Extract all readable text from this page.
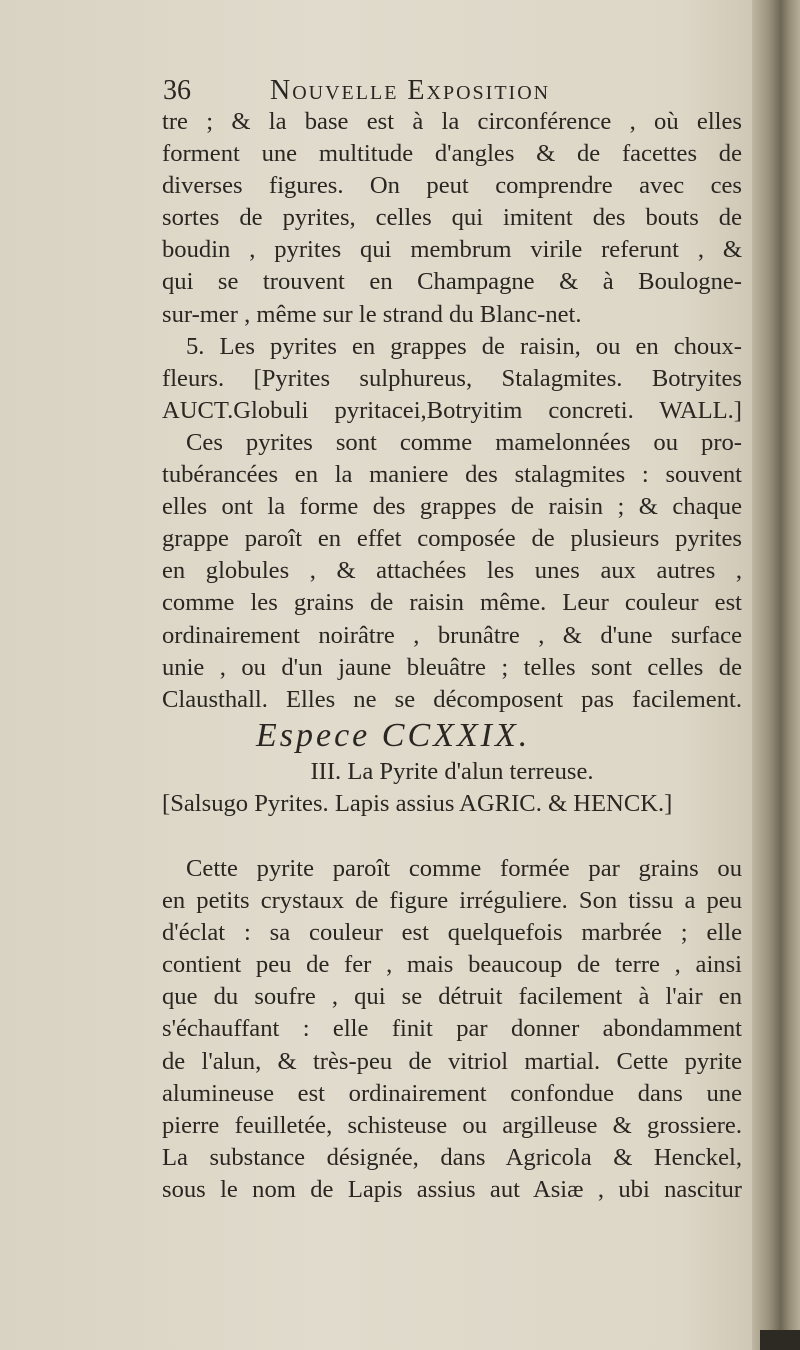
36	Nouvelle Exposition
tre ; & la base est à la circonférence , où elles
forment une multitude d'angles & de facettes de
diverses figures. On peut comprendre avec ces
sortes de pyrites, celles qui imitent des bouts de
boudin , pyrites qui membrum virile referunt , &
qui se trouvent en Champagne & à Boulogne-
sur-mer , même sur le strand du Blanc-net.
5. Les pyrites en grappes de raisin, ou en choux-
fleurs. [Pyrites sulphureus, Stalagmites. Botryites
AUCT.Globuli pyritacei,Botryitim concreti. WALL.]
Ces pyrites sont comme mamelonnées ou pro-
tubérancées en la maniere des stalagmites : souvent
elles ont la forme des grappes de raisin ; & chaque
grappe paroît en effet composée de plusieurs pyrites
en globules , & attachées les unes aux autres ,
comme les grains de raisin même. Leur couleur est
ordinairement noirâtre , brunâtre , & d'une surface
unie , ou d'un jaune bleuâtre ; telles sont celles de
Clausthall. Elles ne se décomposent pas facilement.
Espece CCXXIX.
III. La Pyrite d'alun terreuse.
[Salsugo Pyrites. Lapis assius AGRIC. & HENCK.]
Cette pyrite paroît comme formée par grains ou
en petits crystaux de figure irréguliere. Son tissu a peu
d'éclat : sa couleur est quelquefois marbrée ; elle
contient peu de fer , mais beaucoup de terre , ainsi
que du soufre , qui se détruit facilement à l'air en
s'échauffant : elle finit par donner abondamment
de l'alun, & très-peu de vitriol martial. Cette pyrite
alumineuse est ordinairement confondue dans une
pierre feuilletée, schisteuse ou argilleuse & grossiere.
La substance désignée, dans Agricola & Henckel,
sous le nom de Lapis assius aut Asiæ , ubi nascitur
